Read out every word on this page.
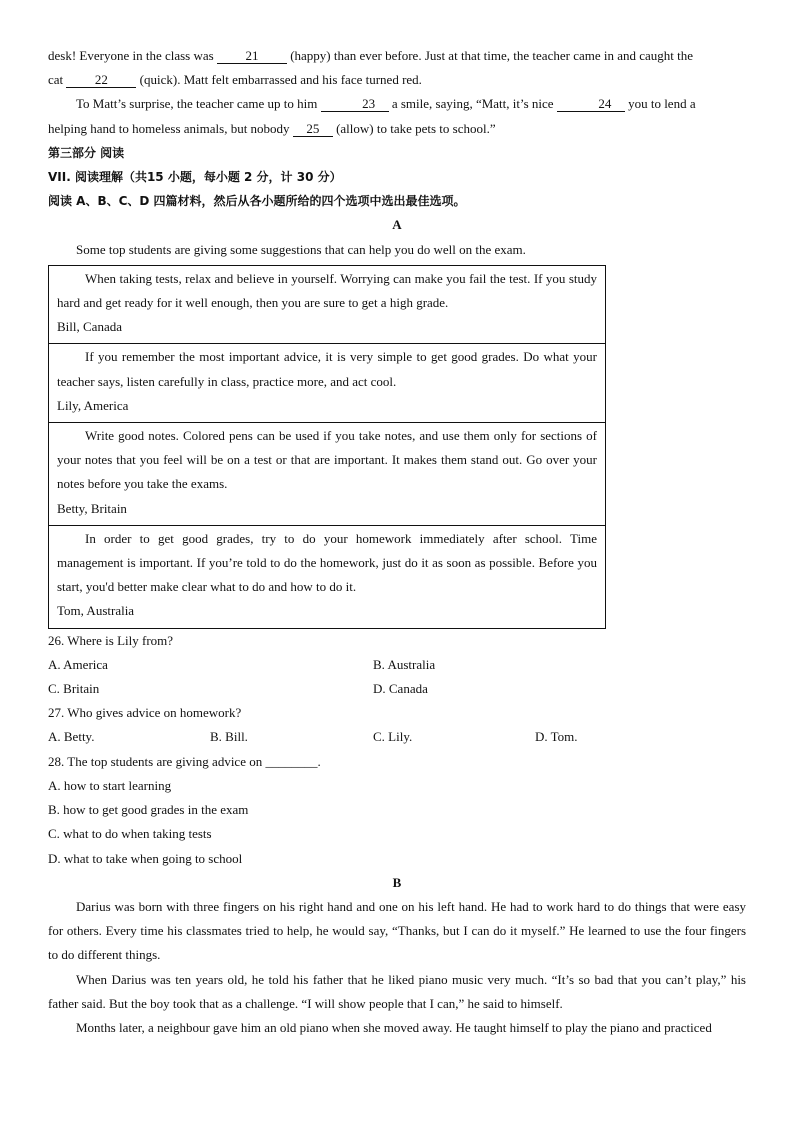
desk! Everyone in the class was 21 (happy) than ever before. Just at that time, the teacher came in and caught the
cat 22 (quick). Matt felt embarrassed and his face turned red.

To Matt’s surprise, the teacher came up to him	23 a smile, saying, “Matt, it’s nice	24 you to lend a
helping hand to homeless animals, but nobody 25 (allow) to take pets to school.”

第三部分 阅读
VII. 阅读理解（共15 小题，每小题 2 分，计 30 分）
阅读 A、B、C、D 四篇材料，然后从各小题所给的四个选项中选出最佳选项。
A

Some top students are giving some suggestions that can help you do well on the exam.

When taking tests, relax and believe in yourself. Worrying can make you fail the test. If you study hard and get ready for it well enough, then you are sure to get a high grade.

Bill, Canada

If you remember the most important advice, it is very simple to get good grades. Do what your teacher says, listen carefully in class, practice more, and act cool.

Lily, America

Write good notes. Colored pens can be used if you take notes, and use them only for sections of your notes that you feel will be on a test or that are important. It makes them stand out. Go over your notes before you take the exams.

Betty, Britain

In order to get good grades, try to do your homework immediately after school. Time management is important. If you’re told to do the homework, just do it as soon as possible. Before you start, you'd better make clear what to do and how to do it.

Tom, Australia

26. Where is Lily from?

A. America	B. Australia
C. Britain	D. Canada

27. Who gives advice on homework?

A. Betty.	B. Bill.	C. Lily.	D. Tom.

28. The top students are giving advice on ________.

A. how to start learning

B. how to get good grades in the exam

C. what to do when taking tests

D. what to take when going to school

B

Darius was born with three fingers on his right hand and one on his left hand. He had to work hard to do things that were easy for others. Every time his classmates tried to help, he would say, “Thanks, but I can do it myself.” He learned to use the four fingers to do different things.

When Darius was ten years old, he told his father that he liked piano music very much. “It’s so bad that you can’t play,” his father said. But the boy took that as a challenge. “I will show people that I can,” he said to himself.

Months later, a neighbour gave him an old piano when she moved away. He taught himself to play the piano and practiced
